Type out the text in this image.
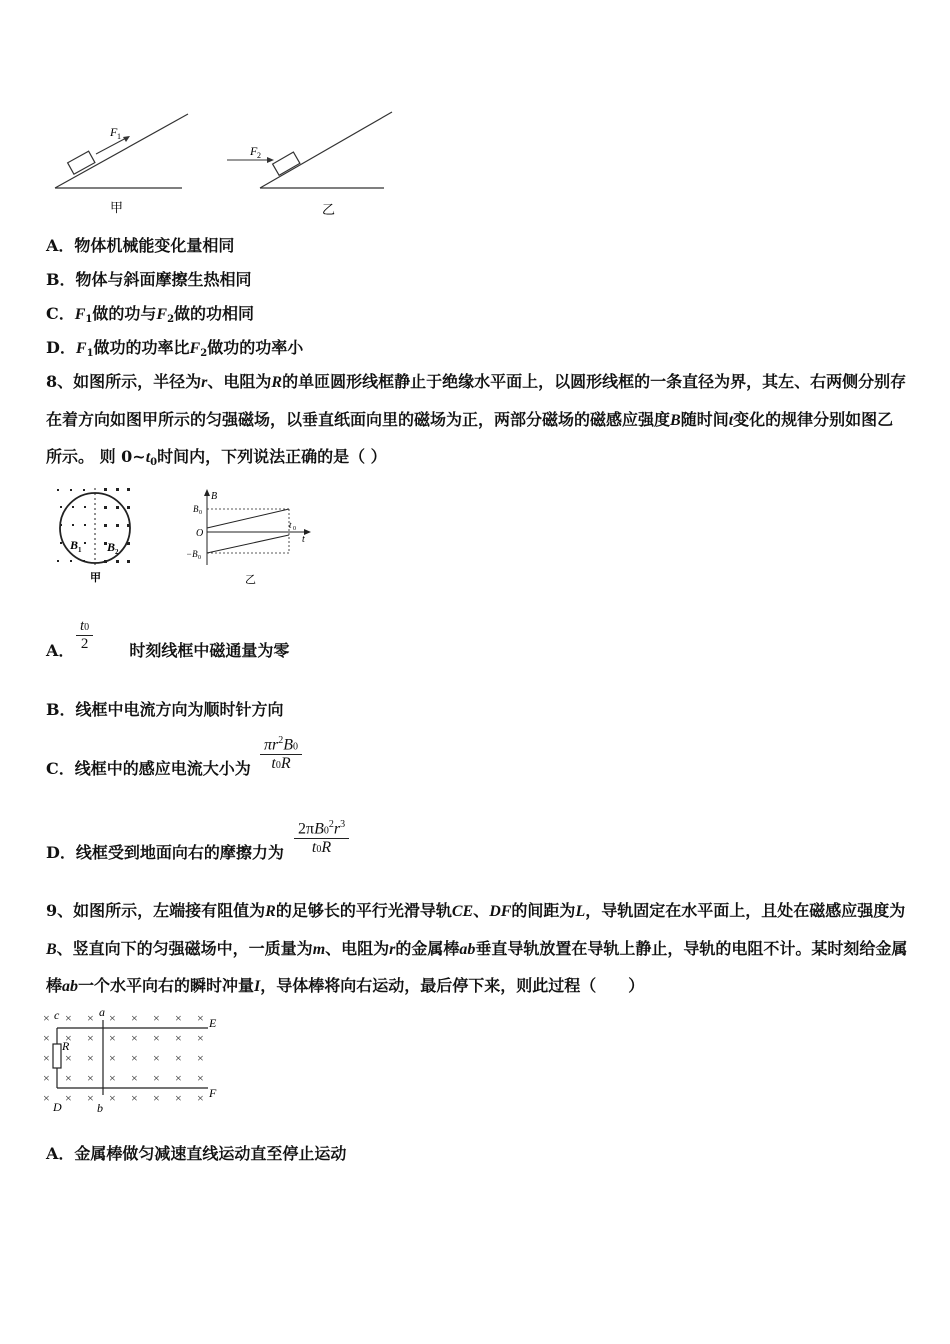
F 1
甲
F 2
乙
A．物体机械能变化量相同
B．物体与斜面摩擦生热相同
C．$F_1$做的功与$F_2$做的功相同
D．$F_1$做功的功率比$F_2$做功的功率小
8、如图所示，半径为r、电阻为R的单匝圆形线框静止于绝缘水平面上，以圆形线框的一条直径为界，其左、右两侧分别存在着方向如图甲所示的匀强磁场，以垂直纸面向里的磁场为正，两部分磁场的磁感应强度B随时间t变化的规律分别如图乙所示。 则 $0\sim t_0$时间内，下列说法正确的是（ ）
B 1 B 2
甲
B
B 0
O
−B 0
t 0
t
乙
A．	时刻线框中磁通量为零
t0
2
B．线框中电流方向为顺时针方向
C．线框中的感应电流大小为
$\pi r^2B0$
t0R
D．线框受到地面向右的摩擦力为
$2\pi B0^2r^3$
t0R
9、如图所示，左端接有阻值为R的足够长的平行光滑导轨CE、DF的间距为L，导轨固定在水平面上，且处在磁感应强度为B、竖直向下的匀强磁场中，一质量为m、电阻为r的金属棒ab垂直导轨放置在导轨上静止，导轨的电阻不计。某时刻给金属棒ab一个水平向右的瞬时冲量I，导体棒将向右运动，最后停下来，则此过程（　　）
× × × × × × × ×
× × × × × × × ×
× × × × × × × ×
× × × × × × × ×
× × × × × × × ×
c	a
E
R
F
D	b
A．金属棒做匀减速直线运动直至停止运动
